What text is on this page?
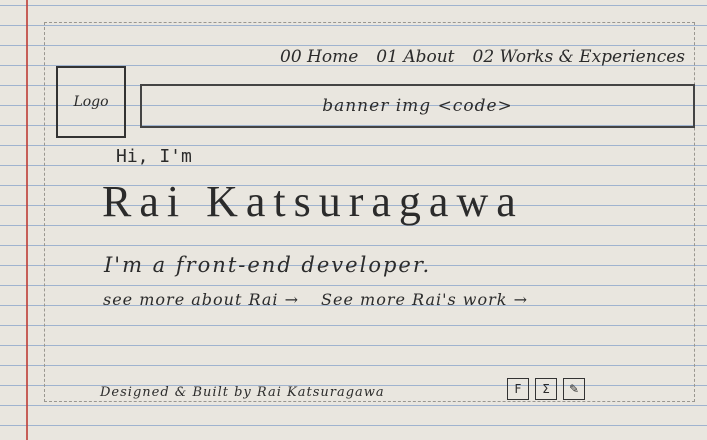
00 Home 01 About 02 Works & Experiences
Logo	banner img <code>
Hi, I'm
Rai Katsuragawa
I'm a front-end developer.
see more about Rai → See more Rai's work →
Designed & Built by Rai Katsuragawa	F	Σ	✎
